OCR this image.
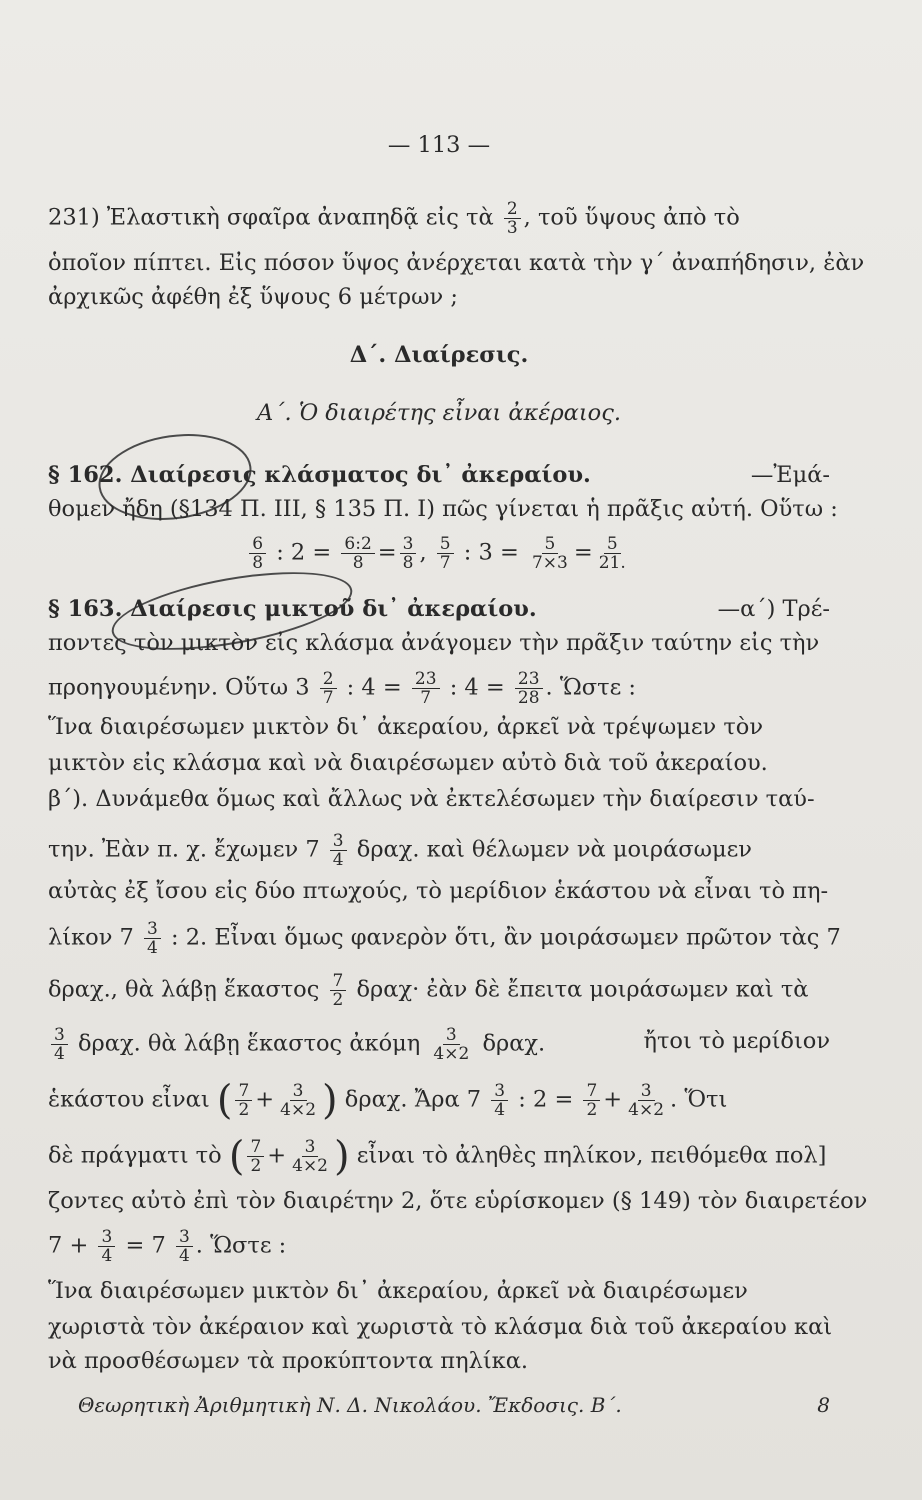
— 113 —
231) Ἐλαστικὴ σφαῖρα ἀναπηδᾷ εἰς τὰ $\frac{2}{3}$ , τοῦ ὕψους ἀπὸ τὸ
ὁποῖον πίπτει. Εἰς πόσον ὕψος ἀνέρχεται κατὰ τὴν γ΄ ἀναπήδησιν, ἐὰν
ἀρχικῶς ἀφέθη ἐξ ὕψους 6 μέτρων ;
Δ΄. Διαίρεσις.
Α΄. Ὁ διαιρέτης εἶναι ἀκέραιος.
§ 162. Διαίρεσις κλάσματος δι᾿ ἀκεραίου.	—Ἐμά-
θομεν ἤδη (§134 Π. ΙΙΙ, § 135 Π. Ι) πῶς γίνεται ἡ πρᾶξις αὐτή. Οὕτω :
$\frac{6}{8}$ : $2 = \frac{6:2}{8} = \frac{3}{8}$ , $\frac{5}{7}$ : $3 = \frac{5}{7\times 3} = \frac{5}{21.}$
§ 163. Διαίρεσις μικτοῦ δι᾿ ἀκεραίου.	—α΄) Τρέ-
ποντες τὸν μικτὸν εἰς κλάσμα ἀνάγομεν τὴν πρᾶξιν ταύτην εἰς τὴν
προηγουμένην. Οὕτω $3 \frac{2}{7}$ : $4 = \frac{23}{7}$ : $4 = \frac{23}{28}$ . Ὥστε :
Ἵνα διαιρέσωμεν μικτὸν δι᾿ ἀκεραίου, ἀρκεῖ νὰ τρέψωμεν τὸν
μικτὸν εἰς κλάσμα καὶ νὰ διαιρέσωμεν αὐτὸ διὰ τοῦ ἀκεραίου.
β΄). Δυνάμεθα ὅμως καὶ ἄλλως νὰ ἐκτελέσωμεν τὴν διαίρεσιν ταύ-
την. Ἐὰν π. χ. ἔχωμεν $7 \frac{3}{4} \delta\rho\alpha\chi$. καὶ θέλωμεν νὰ μοιράσωμεν
αὐτὰς ἐξ ἴσου εἰς δύο πτωχούς, τὸ μερίδιον ἑκάστου νὰ εἶναι τὸ πη-
λίκον $7 \frac{3}{4}$ : 2. Εἶναι ὅμως φανερὸν ὅτι, ἂν μοιράσωμεν πρῶτον τὰς 7
δραχ., θὰ λάβῃ ἕκαστος $\frac{7}{2} \delta\rho\alpha\chi\cdot$ ἐὰν δὲ ἔπειτα μοιράσωμεν καὶ τὰ
$\frac{3}{4} \delta\rho\alpha\chi$. θὰ λάβῃ ἕκαστος ἀκόμη $\frac{3}{4\times 2} \delta\rho\alpha\chi$.	ἤτοι τὸ μερίδιον
ἑκάστου εἶναι ( $\frac{7}{2} + \frac{3}{4\times 2}$ ) δραχ. Ἄρα $7 \frac{3}{4}$ : $2 = \frac{7}{2} + \frac{3}{4\times 2}$ . Ὅτι
δὲ πράγματι τὸ ( $\frac{7}{2} + \frac{3}{4\times 2}$ ) εἶναι τὸ ἀληθὲς πηλίκον, πειθόμεθα πολ]
ζοντες αὐτὸ ἐπὶ τὸν διαιρέτην 2, ὅτε εὑρίσκομεν (§ 149) τὸν διαιρετέον
$7 + \frac{3}{4} = 7 \frac{3}{4}$ . Ὥστε :
Ἵνα διαιρέσωμεν μικτὸν δι᾿ ἀκεραίου, ἀρκεῖ νὰ διαιρέσωμεν
χωριστὰ τὸν ἀκέραιον καὶ χωριστὰ τὸ κλάσμα διὰ τοῦ ἀκεραίου καὶ
νὰ προσθέσωμεν τὰ προκύπτοντα πηλίκα.
Θεωρητικὴ Ἀριθμητικὴ Ν. Δ. Νικολάου. Ἔκδοσις. Β΄.	8
